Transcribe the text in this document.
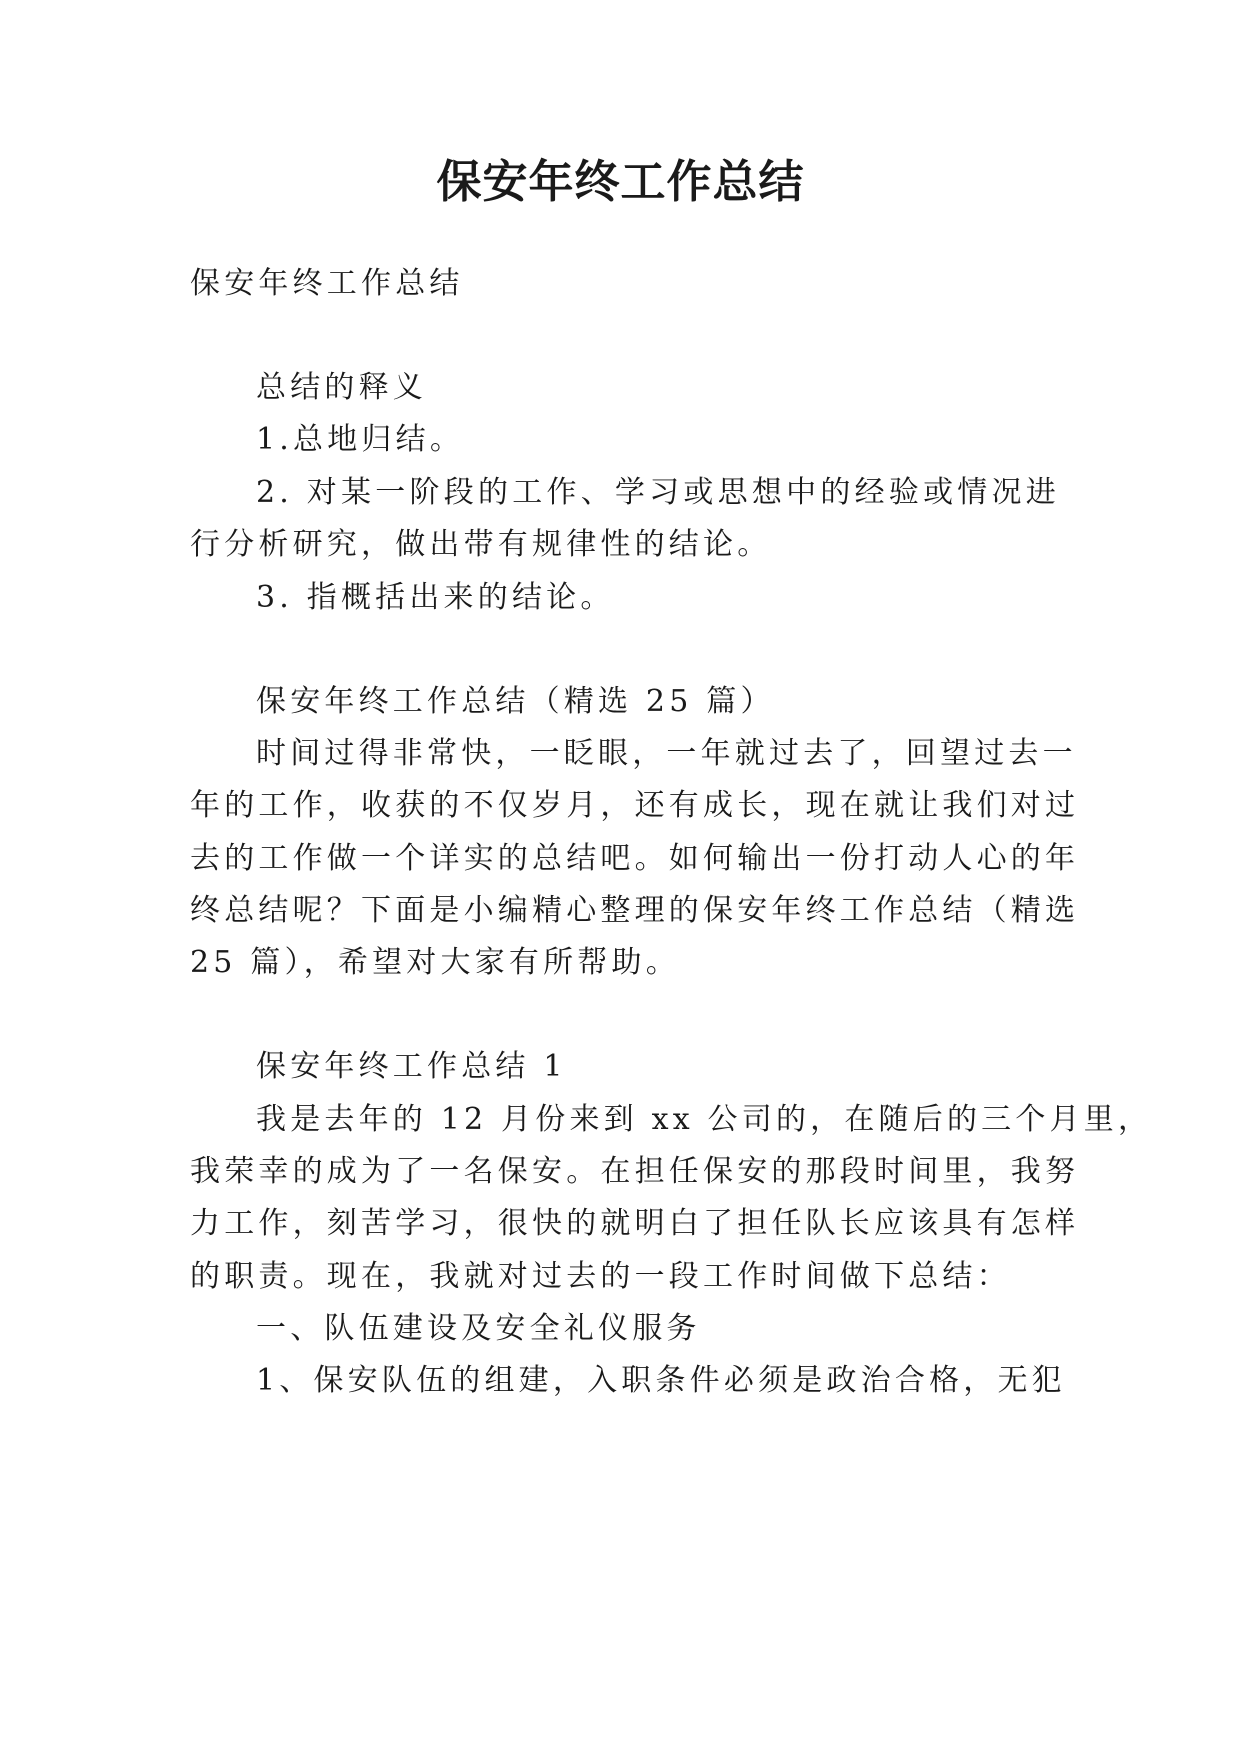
保安年终工作总结
保安年终工作总结
总结的释义
1.总地归结。
2. 对某一阶段的工作、学习或思想中的经验或情况进
行分析研究，做出带有规律性的结论。
3. 指概括出来的结论。
保安年终工作总结（精选 25 篇）
时间过得非常快，一眨眼，一年就过去了，回望过去一
年的工作，收获的不仅岁月，还有成长，现在就让我们对过
去的工作做一个详实的总结吧。如何输出一份打动人心的年
终总结呢？下面是小编精心整理的保安年终工作总结（精选
25 篇），希望对大家有所帮助。
保安年终工作总结 1
我是去年的 12 月份来到 xx 公司的，在随后的三个月里，
我荣幸的成为了一名保安。在担任保安的那段时间里，我努
力工作，刻苦学习，很快的就明白了担任队长应该具有怎样
的职责。现在，我就对过去的一段工作时间做下总结：
一、队伍建设及安全礼仪服务
1、保安队伍的组建，入职条件必须是政治合格，无犯
